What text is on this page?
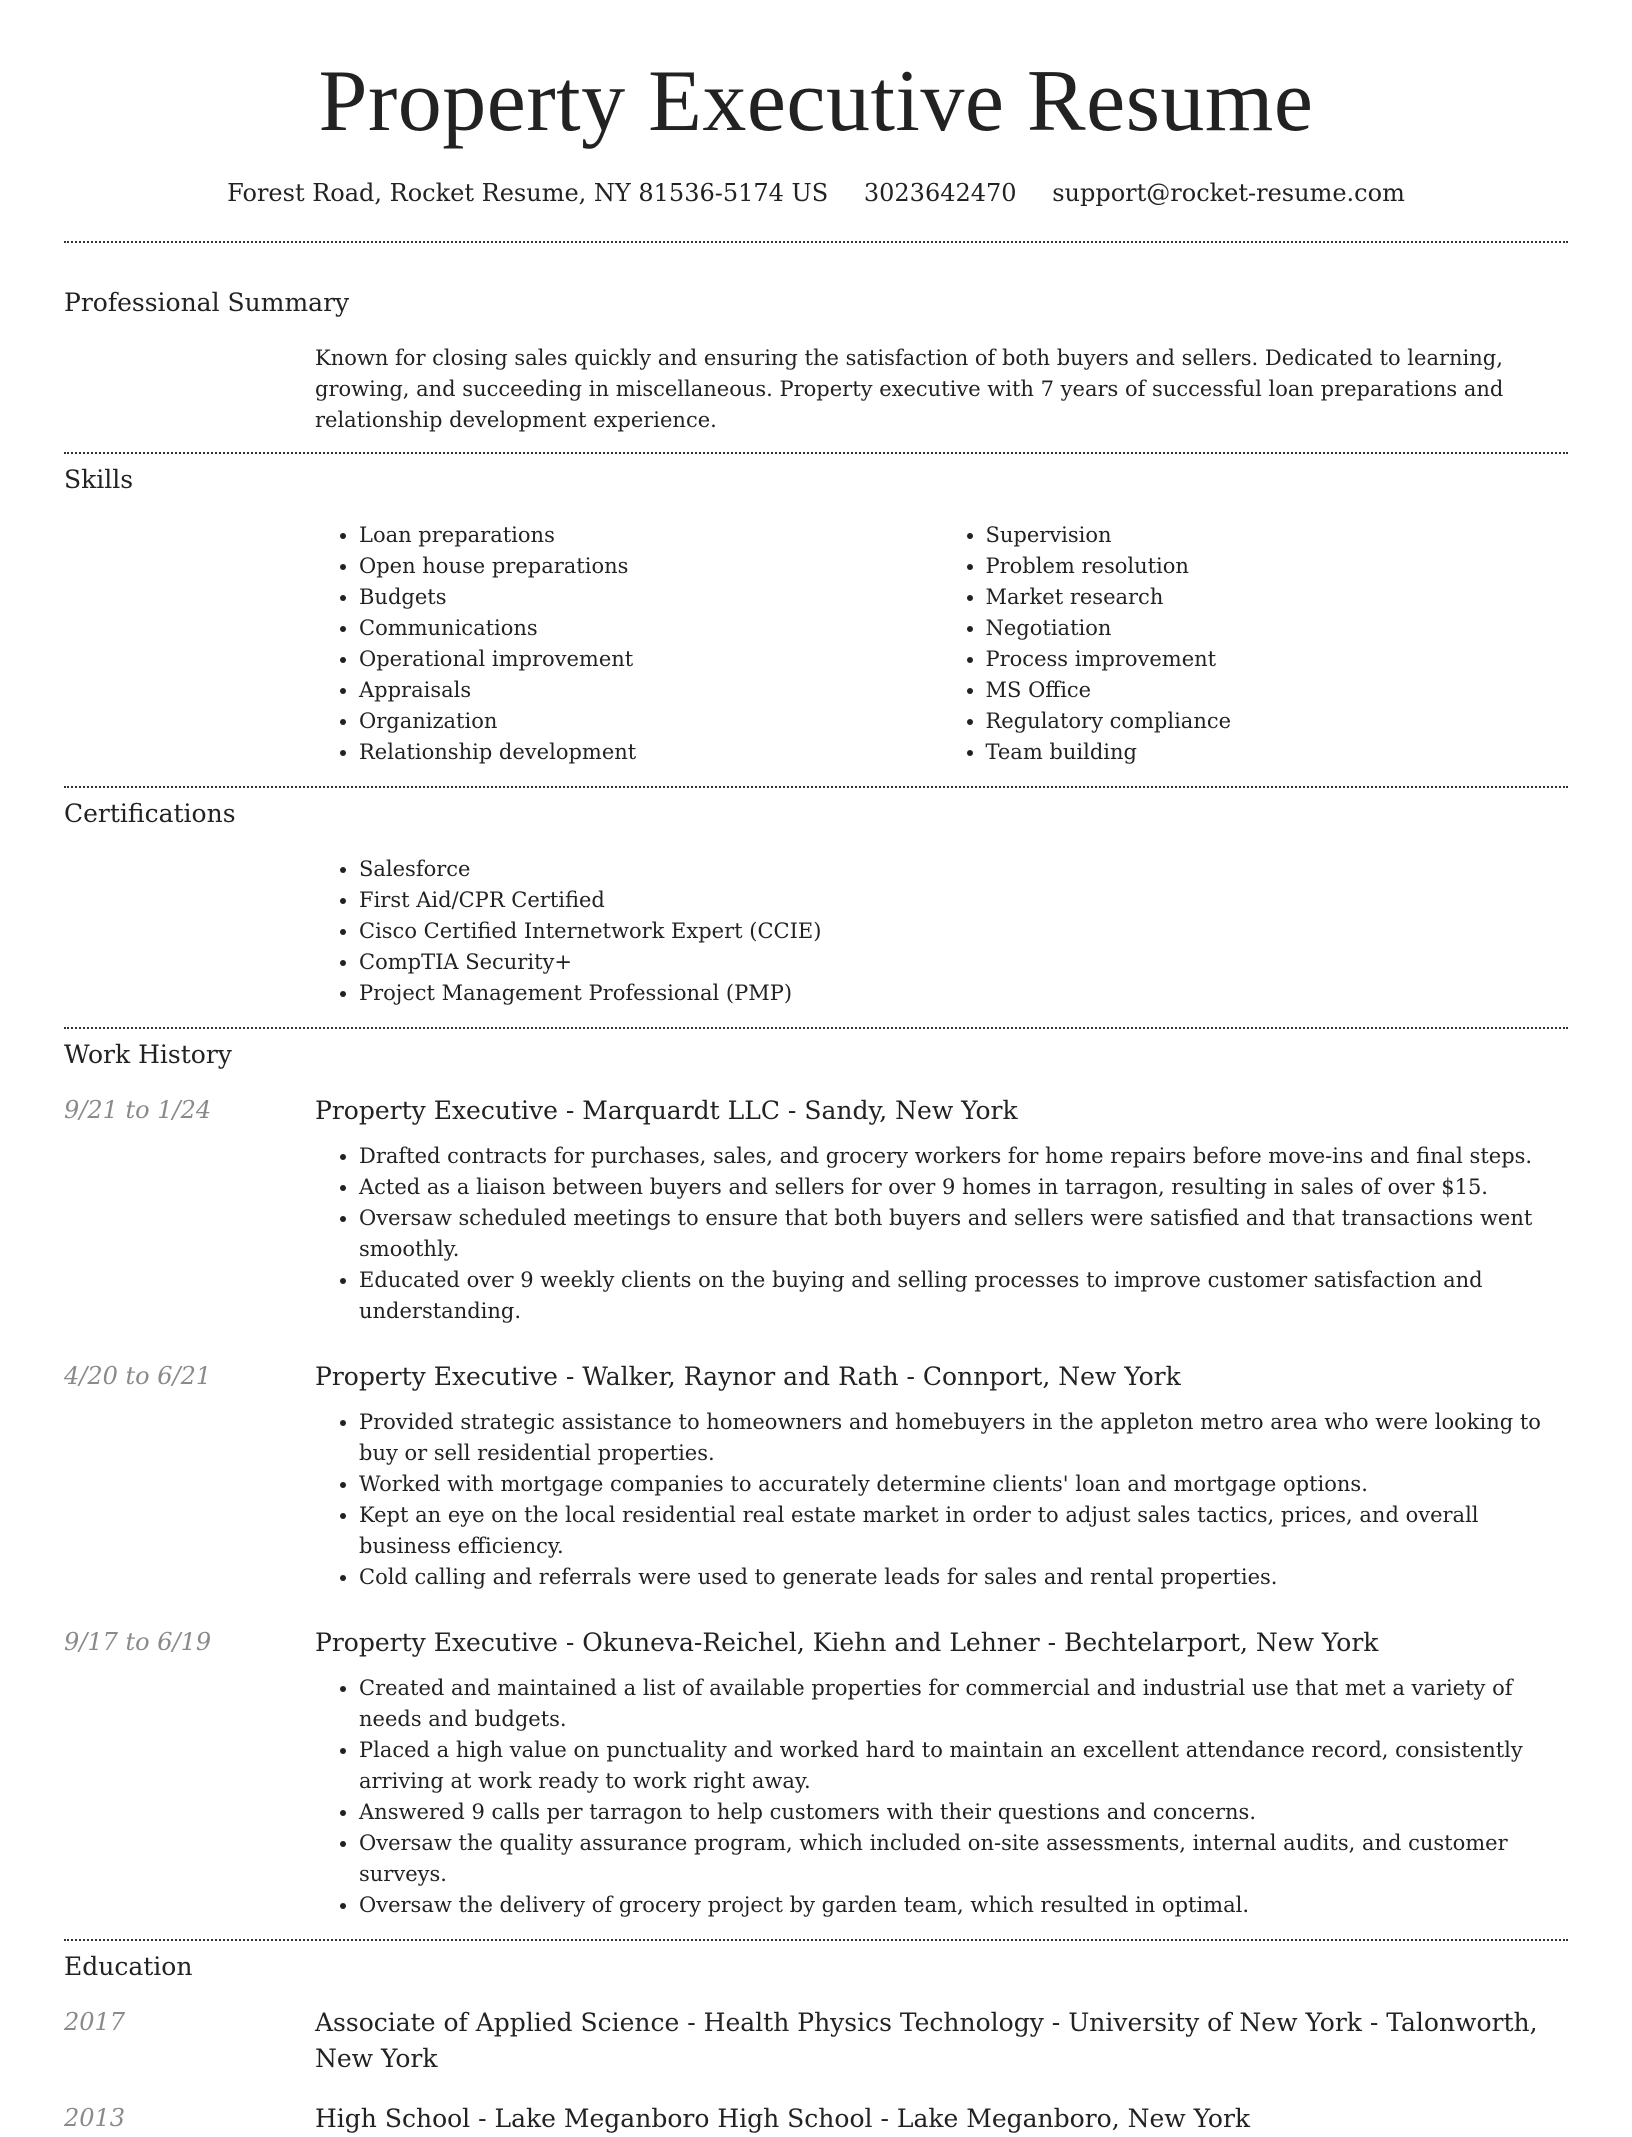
Property Executive Resume
Forest Road, Rocket Resume, NY 81536-5174 US 3023642470 support@rocket-resume.com
Professional Summary
Known for closing sales quickly and ensuring the satisfaction of both buyers and sellers. Dedicated to learning, growing, and succeeding in miscellaneous. Property executive with 7 years of successful loan preparations and relationship development experience.
Skills
• Loan preparations
• Open house preparations
• Budgets
• Communications
• Operational improvement
• Appraisals
• Organization
• Relationship development
• Supervision
• Problem resolution
• Market research
• Negotiation
• Process improvement
• MS Office
• Regulatory compliance
• Team building
Certifications
• Salesforce
• First Aid/CPR Certified
• Cisco Certified Internetwork Expert (CCIE)
• CompTIA Security+
• Project Management Professional (PMP)
Work History
9/21 to 1/24	Property Executive - Marquardt LLC - Sandy, New York
• Drafted contracts for purchases, sales, and grocery workers for home repairs before move-ins and final steps.
• Acted as a liaison between buyers and sellers for over 9 homes in tarragon, resulting in sales of over $15.
• Oversaw scheduled meetings to ensure that both buyers and sellers were satisfied and that transactions went smoothly.
• Educated over 9 weekly clients on the buying and selling processes to improve customer satisfaction and understanding.
4/20 to 6/21	Property Executive - Walker, Raynor and Rath - Connport, New York
• Provided strategic assistance to homeowners and homebuyers in the appleton metro area who were looking to buy or sell residential properties.
• Worked with mortgage companies to accurately determine clients' loan and mortgage options.
• Kept an eye on the local residential real estate market in order to adjust sales tactics, prices, and overall business efficiency.
• Cold calling and referrals were used to generate leads for sales and rental properties.
9/17 to 6/19	Property Executive - Okuneva-Reichel, Kiehn and Lehner - Bechtelarport, New York
• Created and maintained a list of available properties for commercial and industrial use that met a variety of needs and budgets.
• Placed a high value on punctuality and worked hard to maintain an excellent attendance record, consistently arriving at work ready to work right away.
• Answered 9 calls per tarragon to help customers with their questions and concerns.
• Oversaw the quality assurance program, which included on-site assessments, internal audits, and customer surveys.
• Oversaw the delivery of grocery project by garden team, which resulted in optimal.
Education
2017	Associate of Applied Science - Health Physics Technology - University of New York - Talonworth, New York
2013	High School - Lake Meganboro High School - Lake Meganboro, New York
